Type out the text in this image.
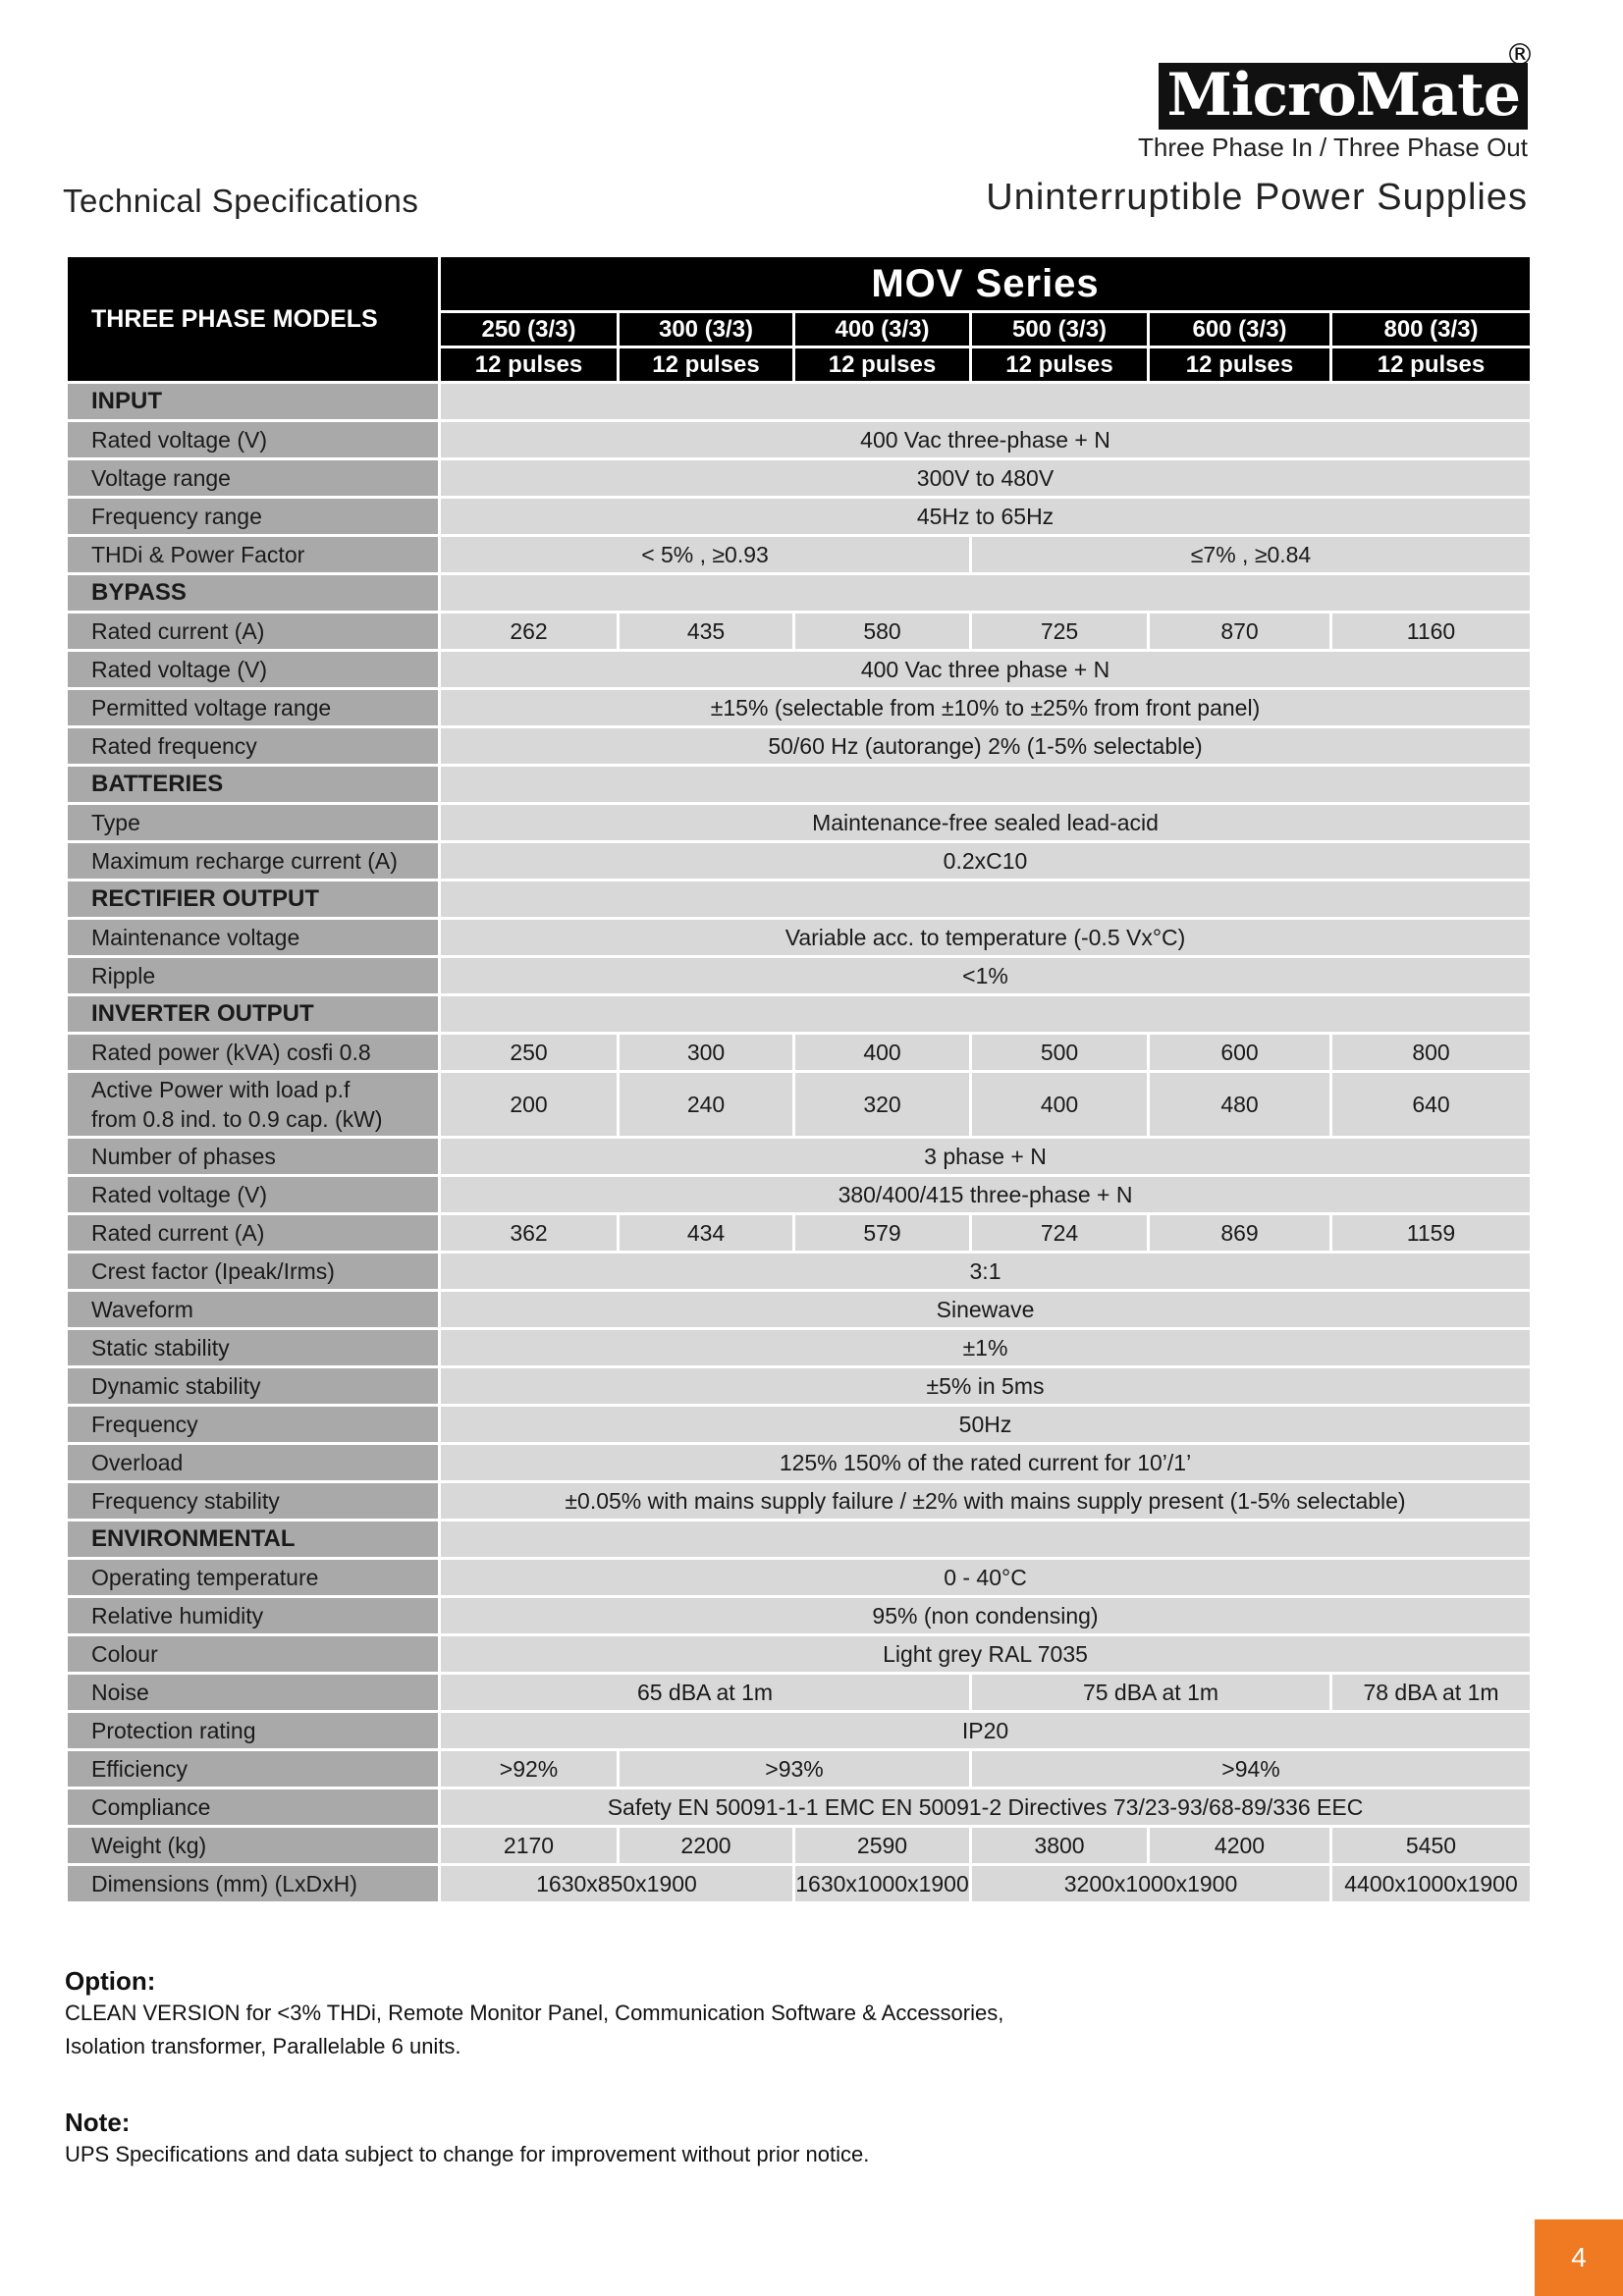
MicroMate
®
Three Phase In / Three Phase Out
Technical Specifications	Uninterruptible Power Supplies
THREE PHASE MODELS	MOV Series					
	250 (3/3)	300 (3/3)	400 (3/3)	500 (3/3)	600 (3/3)	800 (3/3)
	12 pulses	12 pulses	12 pulses	12 pulses	12 pulses	12 pulses
INPUT						
Rated voltage (V)	400 Vac three-phase + N					
Voltage range	300V to 480V					
Frequency range	45Hz to 65Hz					
THDi & Power Factor	< 5% , ≥0.93			≤7% , ≥0.84		
BYPASS						
Rated current (A)	262	435	580	725	870	1160
Rated voltage (V)	400 Vac three phase + N					
Permitted voltage range	±15% (selectable from ±10% to ±25% from front panel)					
Rated frequency	50/60 Hz (autorange) 2% (1-5% selectable)					
BATTERIES						
Type	Maintenance-free sealed lead-acid					
Maximum recharge current (A)	0.2xC10					
RECTIFIER OUTPUT						
Maintenance voltage	Variable acc. to temperature (-0.5 Vx°C)					
Ripple	<1%					
INVERTER OUTPUT						
Rated power (kVA) cosfi 0.8	250	300	400	500	600	800
Active Power with load p.f
from 0.8 ind. to 0.9 cap. (kW)	200	240	320	400	480	640
Number of phases	3 phase + N					
Rated voltage (V)	380/400/415 three-phase + N					
Rated current (A)	362	434	579	724	869	1159
Crest factor (Ipeak/Irms)	3:1					
Waveform	Sinewave					
Static stability	±1%					
Dynamic stability	±5% in 5ms					
Frequency	50Hz					
Overload	125% 150% of the rated current for 10’/1’					
Frequency stability	±0.05% with mains supply failure / ±2% with mains supply present (1-5% selectable)					
ENVIRONMENTAL						
Operating temperature	0 - 40°C					
Relative humidity	95% (non condensing)					
Colour	Light grey RAL 7035					
Noise	65 dBA at 1m			75 dBA at 1m		78 dBA at 1m
Protection rating	IP20					
Efficiency	>92%	>93%		>94%		
Compliance	Safety EN 50091-1-1 EMC EN 50091-2 Directives 73/23-93/68-89/336 EEC					
Weight (kg)	2170	2200	2590	3800	4200	5450
Dimensions (mm) (LxDxH)	1630x850x1900		1630x1000x1900	3200x1000x1900		4400x1000x1900
Option:
CLEAN VERSION for <3% THDi, Remote Monitor Panel, Communication Software & Accessories,
Isolation transformer, Parallelable 6 units.
Note:
UPS Specifications and data subject to change for improvement without prior notice.
4
